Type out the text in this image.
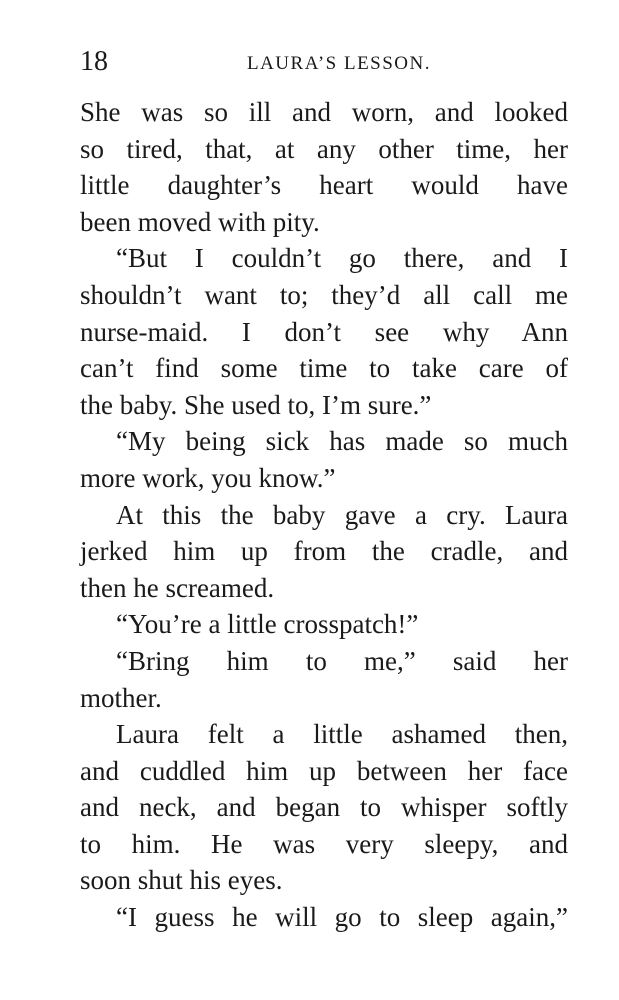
18	LAURA’S LESSON.
She was so ill and worn, and looked
so tired, that, at any other time, her
little daughter’s heart would have
been moved with pity.
“But I couldn’t go there, and I
shouldn’t want to; they’d all call me
nurse-maid. I don’t see why Ann
can’t find some time to take care of
the baby. She used to, I’m sure.”
“My being sick has made so much
more work, you know.”
At this the baby gave a cry. Laura
jerked him up from the cradle, and
then he screamed.
“You’re a little crosspatch!”
“Bring him to me,” said her
mother.
Laura felt a little ashamed then,
and cuddled him up between her face
and neck, and began to whisper softly
to him. He was very sleepy, and
soon shut his eyes.
“I guess he will go to sleep again,”
